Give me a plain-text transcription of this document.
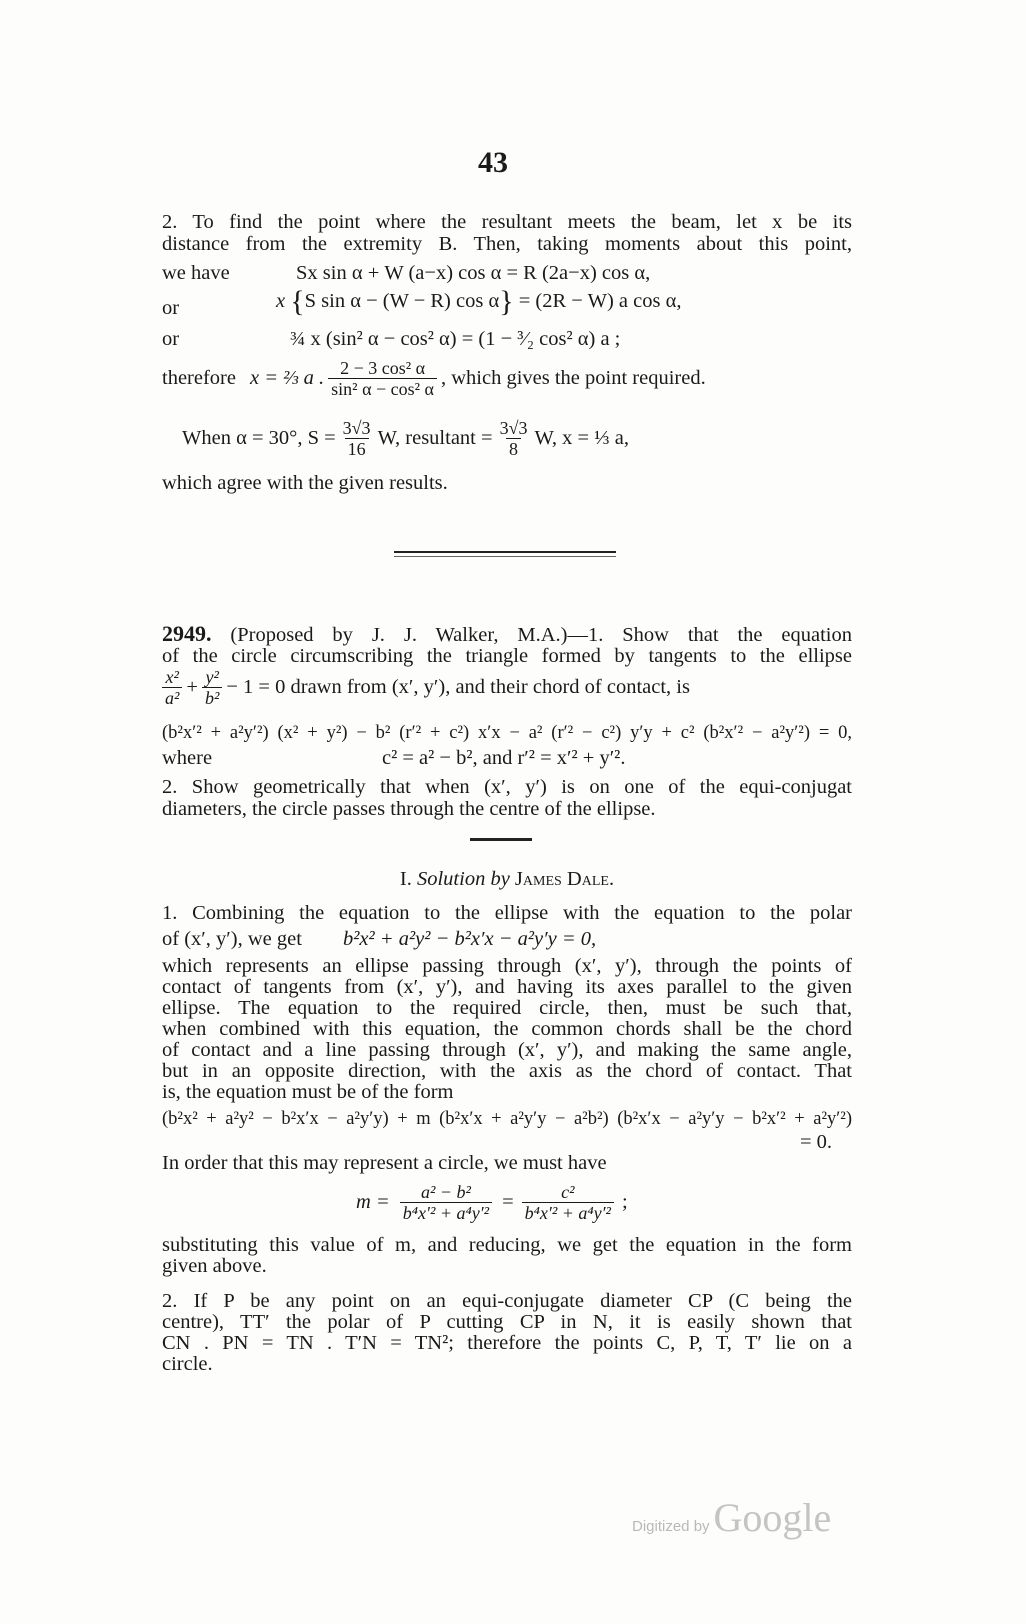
43
2. To find the point where the resultant meets the beam, let x be its
distance from the extremity B. Then, taking moments about this point,
we have	Sx sin α + W (a−x) cos α = R (2a−x) cos α,
or	x {S sin α − (W − R) cos α} = (2R − W) a cos α,
or	¾ x (sin² α − cos² α) = (1 − ³⁄₂ cos² α) a ;
therefore x = ⅔ a . $\frac{\text{2 − 3 cos² α}}{\text{sin² α − cos² α}}$ , which gives the point required.
When α = 30°, $S = \frac{3√3}{16} W$, resultant = $\frac{3√3}{8} W$, x = ⅓ a,
which agree with the given results.
2949. (Proposed by J. J. Walker, M.A.)—1. Show that the equation
of the circle circumscribing the triangle formed by tangents to the ellipse
$\frac{\text{x²}}{\text{a²}} + \frac{\text{y²}}{\text{b²}} - 1 = 0$ drawn from (x′, y′), and their chord of contact, is
(b²x′² + a²y′²) (x² + y²) − b² (r′² + c²) x′x − a² (r′² − c²) y′y + c² (b²x′² − a²y′²) = 0,
where	c² = a² − b², and r′² = x′² + y′².
2. Show geometrically that when (x′, y′) is on one of the equi-conjugat
diameters, the circle passes through the centre of the ellipse.
I. Solution by James Dale.
1. Combining the equation to the ellipse with the equation to the polar
of (x′, y′), we get b²x² + a²y² − b²x′x − a²y′y = 0,
which represents an ellipse passing through (x′, y′), through the points of
contact of tangents from (x′, y′), and having its axes parallel to the given
ellipse. The equation to the required circle, then, must be such that,
when combined with this equation, the common chords shall be the chord
of contact and a line passing through (x′, y′), and making the same angle,
but in an opposite direction, with the axis as the chord of contact. That
is, the equation must be of the form
(b²x² + a²y² − b²x′x − a²y′y) + m (b²x′x + a²y′y − a²b²) (b²x′x − a²y′y − b²x′² + a²y′²)
= 0.
In order that this may represent a circle, we must have
$m = \frac{\text{a² − b²}}{\text{b⁴x′² + a⁴y′²}} = \frac{\text{c²}}{\text{b⁴x′² + a⁴y′²}}$ ;
substituting this value of m, and reducing, we get the equation in the form
given above.
2. If P be any point on an equi-conjugate diameter CP (C being the
centre), TT′ the polar of P cutting CP in N, it is easily shown that
CN . PN = TN . T′N = TN²; therefore the points C, P, T, T′ lie on a
circle.
Digitized by Google
